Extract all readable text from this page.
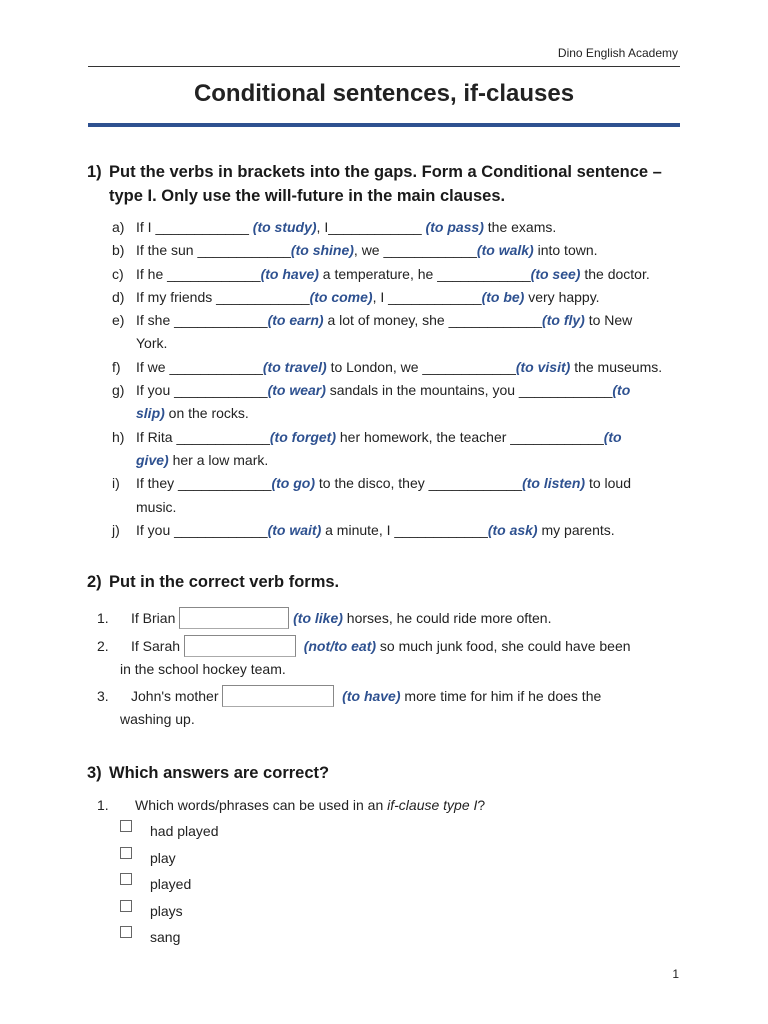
Dino English Academy
Conditional sentences, if-clauses
1) Put the verbs in brackets into the gaps. Form a Conditional sentence –
type I. Only use the will-future in the main clauses.
a) If I ____________ (to study), I____________ (to pass) the exams.
b) If the sun ____________(to shine), we ____________(to walk) into town.
c) If he ____________(to have) a temperature, he ____________(to see) the doctor.
d) If my friends ____________(to come), I ____________(to be) very happy.
e) If she ____________(to earn) a lot of money, she ____________(to fly) to New
York.
f) If we ____________(to travel) to London, we ____________(to visit) the museums.
g) If you ____________(to wear) sandals in the mountains, you ____________(to
slip) on the rocks.
h) If Rita ____________(to forget) her homework, the teacher ____________(to
give) her a low mark.
i) If they ____________(to go) to the disco, they ____________(to listen) to loud
music.
j) If you ____________(to wait) a minute, I ____________(to ask) my parents.
2) Put in the correct verb forms.
1. If Brian	(to like) horses, he could ride more often.
2. If Sarah	(not/to eat) so much junk food, she could have been
in the school hockey team.
3. John's mother	(to have) more time for him if he does the
washing up.
3) Which answers are correct?
1. Which words/phrases can be used in an if-clause type I?
had played
play
played
plays
sang
1
